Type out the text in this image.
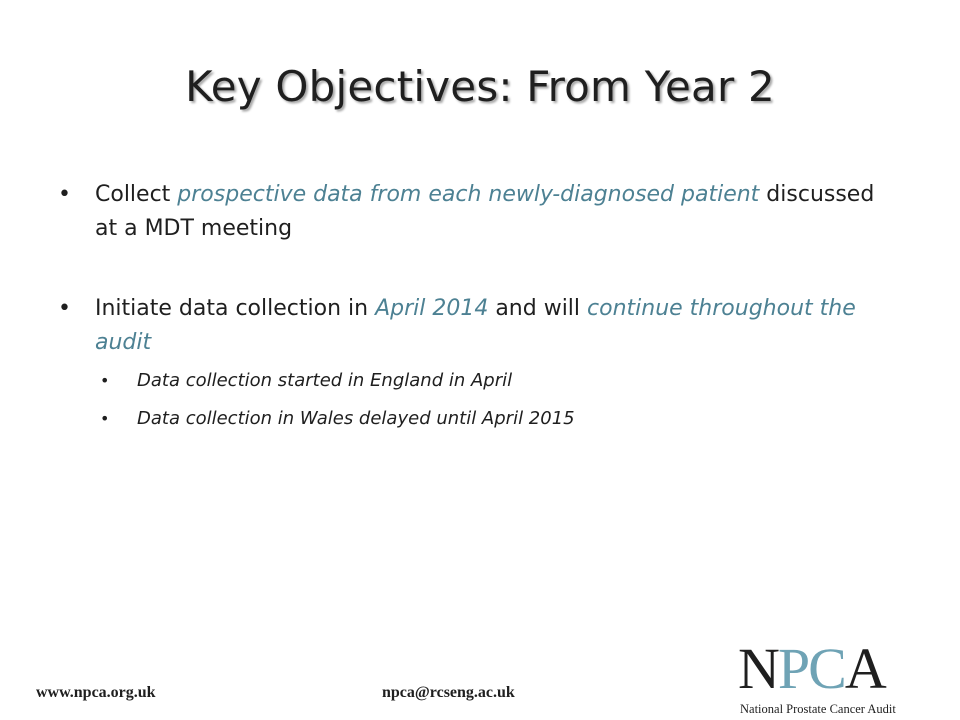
Key Objectives: From Year 2
• Collect prospective data from each newly-diagnosed patient discussed at a MDT meeting
• Initiate data collection in April 2014 and will continue throughout the audit
• Data collection started in England in April
• Data collection in Wales delayed until April 2015
www.npca.org.uk	npca@rcseng.ac.uk	NPCA
National Prostate Cancer Audit
